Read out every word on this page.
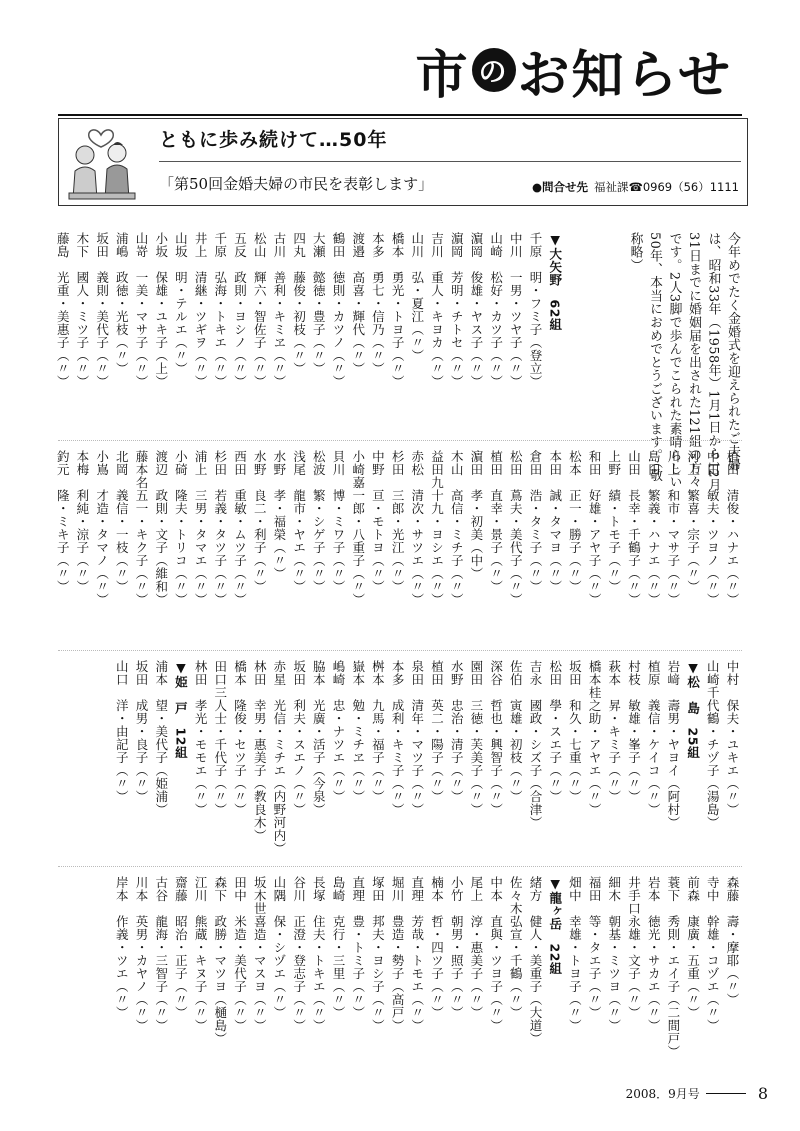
市 の お知らせ
ともに歩み続けて…50年
「第50回金婚夫婦の市民を表彰します」	●問合せ先 福祉課☎0969（56）1111
今年めでたく金婚式を迎えられたご夫婦は、昭和33年（1958年）1月1日から12月31日までに婚姻届を出された121組の方々です。2人3脚で歩んでこられた素晴らしい50年、本当におめでとうございます。（敬称略）
▼大矢野　62組
千原　明・フミ子（登立）
中川　一男・ツヤ子（〃）
山崎　松好・カツ子（〃）
濵岡　俊雄・ヤス子（〃）
濵岡　芳明・チトセ（〃）
吉川　重人・キヨカ（〃）
山川　弘・夏江（〃）
橋本　勇光・トヨ子（〃）
本多　勇七・信乃（〃）
渡邉　高喜・輝代（〃）
鶴田　徳則・カツノ（〃）
大瀬　懿徳・豊子（〃）
四丸　藤俊・初枝（〃）
古川　善利・キミヱ（〃）
松山　輝六・智佐子（〃）
五反　政則・ヨシノ（〃）
千原　弘海・トキエ（〃）
井上　清継・ツギヲ（〃）
山坂　明・テルエ（〃）
小坂　保雄・ユキ子（上）
山嵜　一美・マサ子（〃）
浦嶋　政徳・光枝（〃）
坂田　義則・美代子（〃）
木下　國人・ミツ子（〃）
藤島　光重・美惠子（〃）
植田　清俊・ハナエ（〃）
中田　敏夫・ツヨノ（〃）
河上　繁喜・宗子（〃）
川上　和市・マサ子（〃）
島田　繁義・ハナエ（〃）
山田　長幸・千鶴子（〃）
上野　績・トモ子（〃）
和田　好雄・アヤ子（〃）
松本　正一・勝子（〃）
本田　誠・タマヨ（〃）
倉田　浩・タミ子（〃）
松田　蔦夫・美代子（〃）
植田　直幸・景子（〃）
濵田　孝・初美（中）
木山　高信・ミチ子（〃）
益田九十九・ヨシエ（〃）
赤松　清次・サツエ（〃）
杉田　三郎・光江（〃）
中野　亘・モトヨ（〃）
小崎嘉一郎・八重子（〃）
貝川　博・ミワ子（〃）
松波　繁・シゲ子（〃）
浅尾　龍市・ヤエ（〃）
水野　孝・福榮（〃）
水野　良二・利子（〃）
西田　重敏・ムツ子（〃）
杉田　若義・タツ子（〃）
浦上　三男・タマエ（〃）
小碕　隆夫・トリコ（〃）
渡辺　政則・文子（維和）
藤本名五一・キク子（〃）
北岡　義信・一枝（〃）
小嶌　才造・タマノ（〃）
本梅　利純・涼子（〃）
釣元　隆・ミキ子（〃）
中村　保夫・ユキエ（〃）
山崎千代鶴・チヅ子（湯島）
▼松　島　25組
岩﨑　壽男・ヤヨイ（阿村）
植原　義信・ケイコ（〃）
村枝　敏雄・峯子（〃）
萩本　昇・キミ子（〃）
橋本桂之助・アヤエ（〃）
坂田　和久・七重（〃）
松田　學・スエ子（〃）
吉永　國政・シズ子（合津）
佐伯　寅雄・初枝（〃）
深谷　哲也・興智子（〃）
園田　三徳・芙美子（〃）
水野　忠治・清子（〃）
植田　英二・陽子（〃）
泉田　清年・マツ子（〃）
本多　成利・キミ子（〃）
桝本　九馬・福子（〃）
嶽本　勉・ミチヱ（〃）
嶋崎　忠・ナツエ（〃）
脇本　光廣・活子（今泉）
坂田　利夫・スエノ（〃）
赤星　光信・ミチエ（内野河内）
林田　幸男・惠美子（教良木）
橋本　隆俊・セツ子（〃）
田口三人士・千代子（〃）
林田　孝光・モモエ（〃）
▼姫　戸　12組
浦本　望・美代子（姫浦）
坂田　成男・良子（〃）
山口　洋・由記子（〃）
森藤　壽・摩耶（〃）
寺中　幹雄・コヅエ（〃）
前森　康廣・五重（〃）
蓑下　秀則・エイ子（二間戸）
岩本　徳光・サカエ（〃）
井手口永雄・文子（〃）
細木　朝基・ミツヨ（〃）
福田　等・タエ子（〃）
畑中　幸雄・トヨ子（〃）
▼龍ヶ岳　22組
緒方　健人・美重子（大道）
佐々木弘宣・千鶴（〃）
中本　直與・ツヨ子（〃）
尾上　淳・惠美子（〃）
小竹　朝男・照子（〃）
楠本　哲・四ツ子（〃）
直理　芳哉・トモエ（〃）
堀川　豊造・勢子（高戸）
塚田　邦夫・ヨシ子（〃）
直理　豊・トミ子（〃）
島崎　克行・三里（〃）
長塚　住夫・トキエ（〃）
谷川　正澄・登志子（〃）
山隅　保・シヅエ（〃）
坂木世喜造・マスヨ（〃）
田中　米造・美代子（〃）
森下　政勝・マツヨ（樋島）
江川　熊蔵・キヌ子（〃）
齋藤　昭治・正子（〃）
古谷　龍海・三智子（〃）
川本　英男・カヤノ（〃）
岸本　作義・ツエ（〃）
2008．9月号	8
